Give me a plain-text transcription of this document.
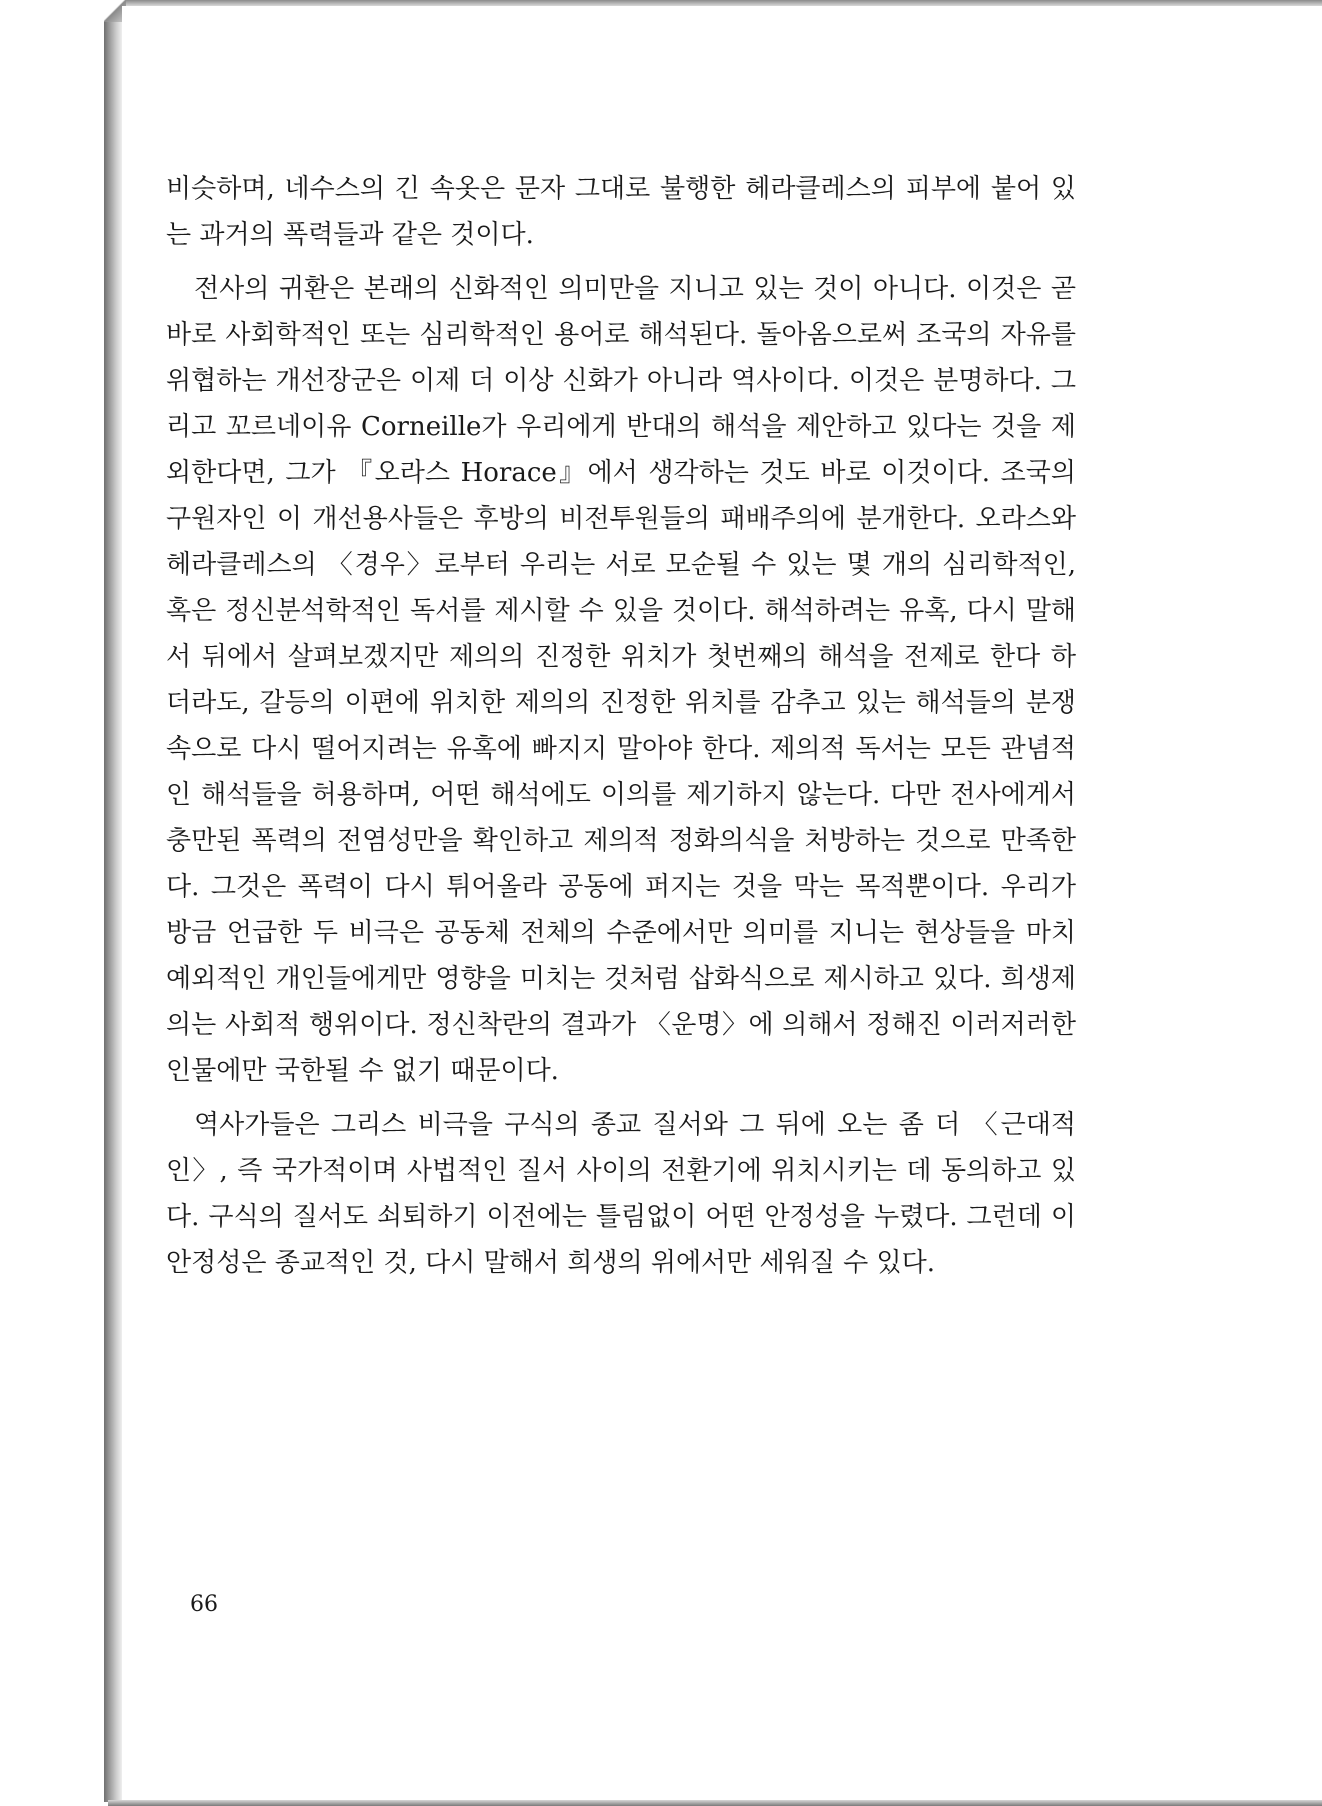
비슷하며, 네수스의 긴 속옷은 문자 그대로 불행한 헤라클레스의 피부에 붙어 있는 과거의 폭력들과 같은 것이다.

전사의 귀환은 본래의 신화적인 의미만을 지니고 있는 것이 아니다. 이것은 곧바로 사회학적인 또는 심리학적인 용어로 해석된다. 돌아옴으로써 조국의 자유를 위협하는 개선장군은 이제 더 이상 신화가 아니라 역사이다. 이것은 분명하다. 그리고 꼬르네이유 Corneille가 우리에게 반대의 해석을 제안하고 있다는 것을 제외한다면, 그가 『오라스 Horace』에서 생각하는 것도 바로 이것이다. 조국의 구원자인 이 개선용사들은 후방의 비전투원들의 패배주의에 분개한다. 오라스와 헤라클레스의 〈경우〉로부터 우리는 서로 모순될 수 있는 몇 개의 심리학적인, 혹은 정신분석학적인 독서를 제시할 수 있을 것이다. 해석하려는 유혹, 다시 말해서 뒤에서 살펴보겠지만 제의의 진정한 위치가 첫번째의 해석을 전제로 한다 하더라도, 갈등의 이편에 위치한 제의의 진정한 위치를 감추고 있는 해석들의 분쟁 속으로 다시 떨어지려는 유혹에 빠지지 말아야 한다. 제의적 독서는 모든 관념적인 해석들을 허용하며, 어떤 해석에도 이의를 제기하지 않는다. 다만 전사에게서 충만된 폭력의 전염성만을 확인하고 제의적 정화의식을 처방하는 것으로 만족한다. 그것은 폭력이 다시 튀어올라 공동에 퍼지는 것을 막는 목적뿐이다. 우리가 방금 언급한 두 비극은 공동체 전체의 수준에서만 의미를 지니는 현상들을 마치 예외적인 개인들에게만 영향을 미치는 것처럼 삽화식으로 제시하고 있다. 희생제의는 사회적 행위이다. 정신착란의 결과가 〈운명〉에 의해서 정해진 이러저러한 인물에만 국한될 수 없기 때문이다.

역사가들은 그리스 비극을 구식의 종교 질서와 그 뒤에 오는 좀 더 〈근대적인〉, 즉 국가적이며 사법적인 질서 사이의 전환기에 위치시키는 데 동의하고 있다. 구식의 질서도 쇠퇴하기 이전에는 틀림없이 어떤 안정성을 누렸다. 그런데 이 안정성은 종교적인 것, 다시 말해서 희생의 위에서만 세워질 수 있다.

66
